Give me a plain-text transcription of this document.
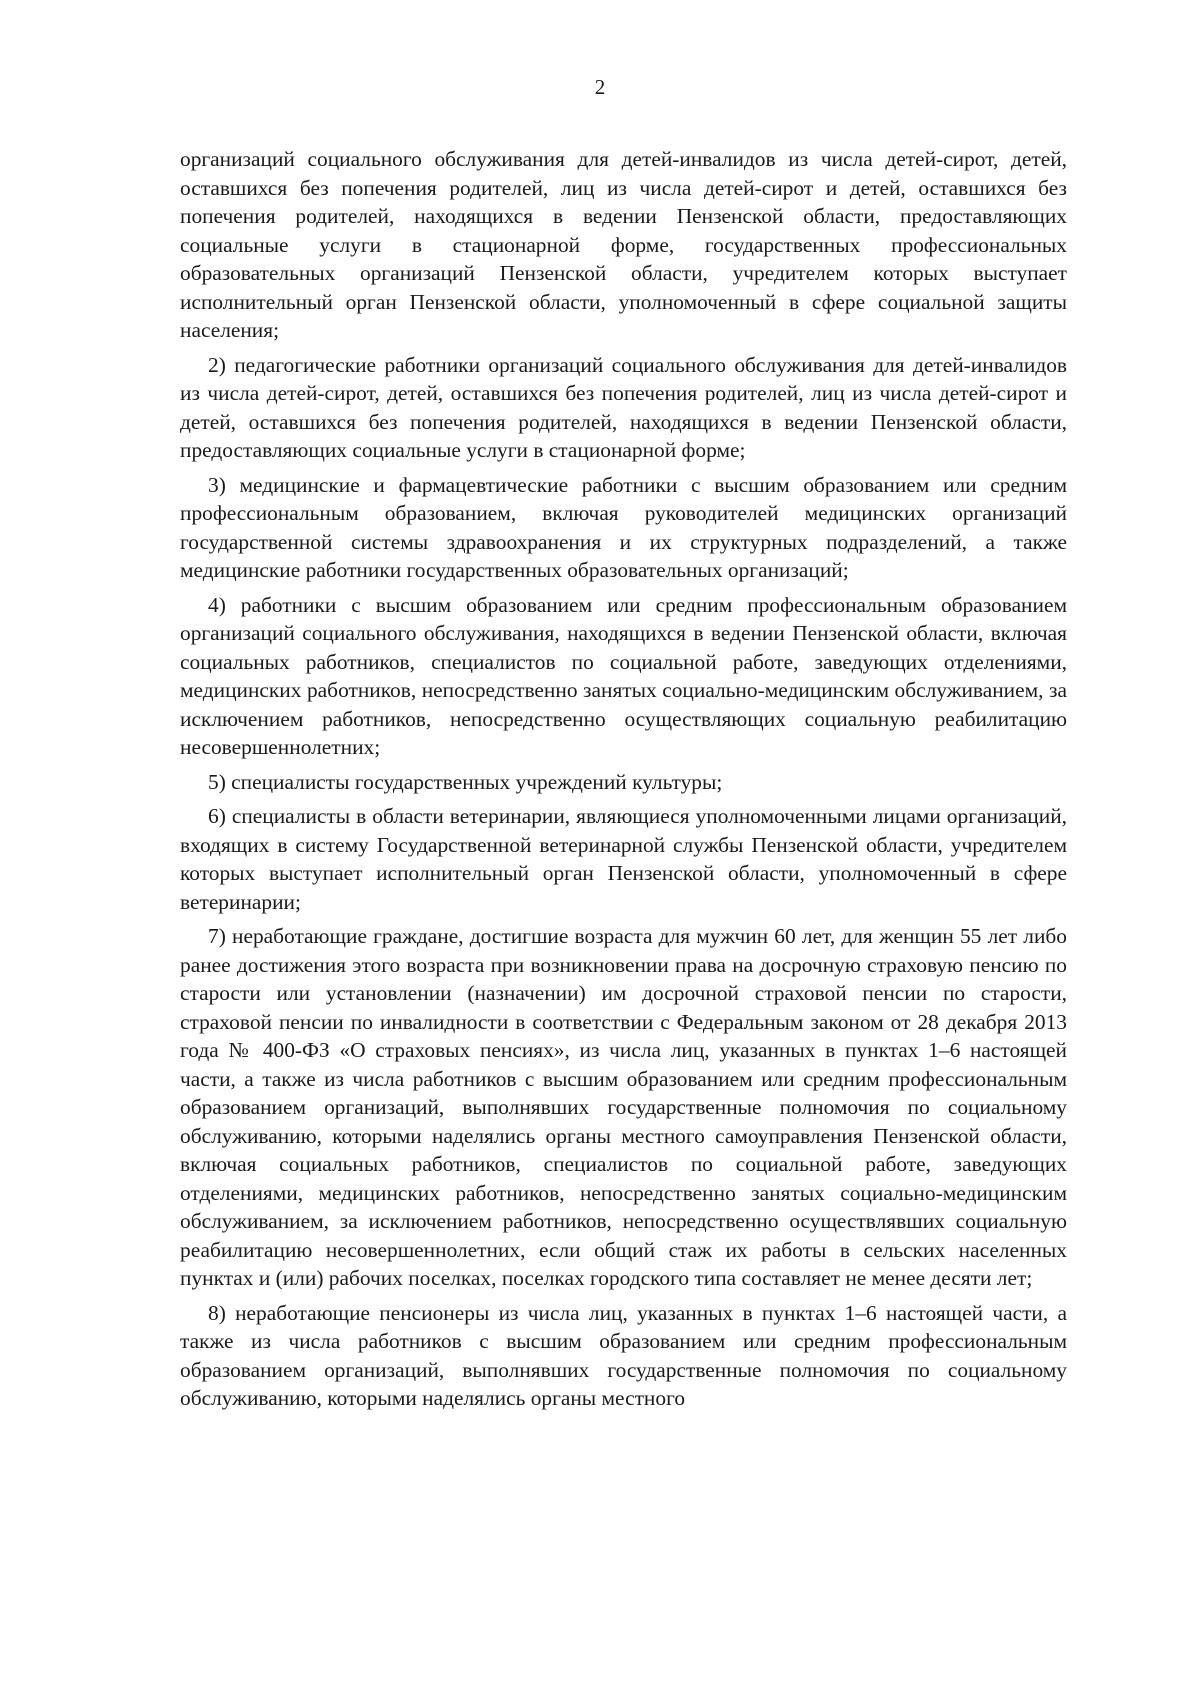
2

организаций социального обслуживания для детей-инвалидов из числа детей-сирот, детей, оставшихся без попечения родителей, лиц из числа детей-сирот и детей, оставшихся без попечения родителей, находящихся в ведении Пензенской области, предоставляющих социальные услуги в стационарной форме, государственных профессиональных образовательных организаций Пензенской области, учредителем которых выступает исполнительный орган Пензенской области, уполномоченный в сфере социальной защиты населения;

2) педагогические работники организаций социального обслуживания для детей-инвалидов из числа детей-сирот, детей, оставшихся без попечения родителей, лиц из числа детей-сирот и детей, оставшихся без попечения родителей, находящихся в ведении Пензенской области, предоставляющих социальные услуги в стационарной форме;

3) медицинские и фармацевтические работники с высшим образованием или средним профессиональным образованием, включая руководителей медицинских организаций государственной системы здравоохранения и их структурных подразделений, а также медицинские работники государственных образовательных организаций;

4) работники с высшим образованием или средним профессиональным образованием организаций социального обслуживания, находящихся в ведении Пензенской области, включая социальных работников, специалистов по социальной работе, заведующих отделениями, медицинских работников, непосредственно занятых социально-медицинским обслуживанием, за исключением работников, непосредственно осуществляющих социальную реабилитацию несовершеннолетних;

5) специалисты государственных учреждений культуры;

6) специалисты в области ветеринарии, являющиеся уполномоченными лицами организаций, входящих в систему Государственной ветеринарной службы Пензенской области, учредителем которых выступает исполнительный орган Пензенской области, уполномоченный в сфере ветеринарии;

7) неработающие граждане, достигшие возраста для мужчин 60 лет, для женщин 55 лет либо ранее достижения этого возраста при возникновении права на досрочную страховую пенсию по старости или установлении (назначении) им досрочной страховой пенсии по старости, страховой пенсии по инвалидности в соответствии с Федеральным законом от 28 декабря 2013 года № 400-ФЗ «О страховых пенсиях», из числа лиц, указанных в пунктах 1–6 настоящей части, а также из числа работников с высшим образованием или средним профессиональным образованием организаций, выполнявших государственные полномочия по социальному обслуживанию, которыми наделялись органы местного самоуправления Пензенской области, включая социальных работников, специалистов по социальной работе, заведующих отделениями, медицинских работников, непосредственно занятых социально-медицинским обслуживанием, за исключением работников, непосредственно осуществлявших социальную реабилитацию несовершеннолетних, если общий стаж их работы в сельских населенных пунктах и (или) рабочих поселках, поселках городского типа составляет не менее десяти лет;

8) неработающие пенсионеры из числа лиц, указанных в пунктах 1–6 настоящей части, а также из числа работников с высшим образованием или средним профессиональным образованием организаций, выполнявших государственные полномочия по социальному обслуживанию, которыми наделялись органы местного
